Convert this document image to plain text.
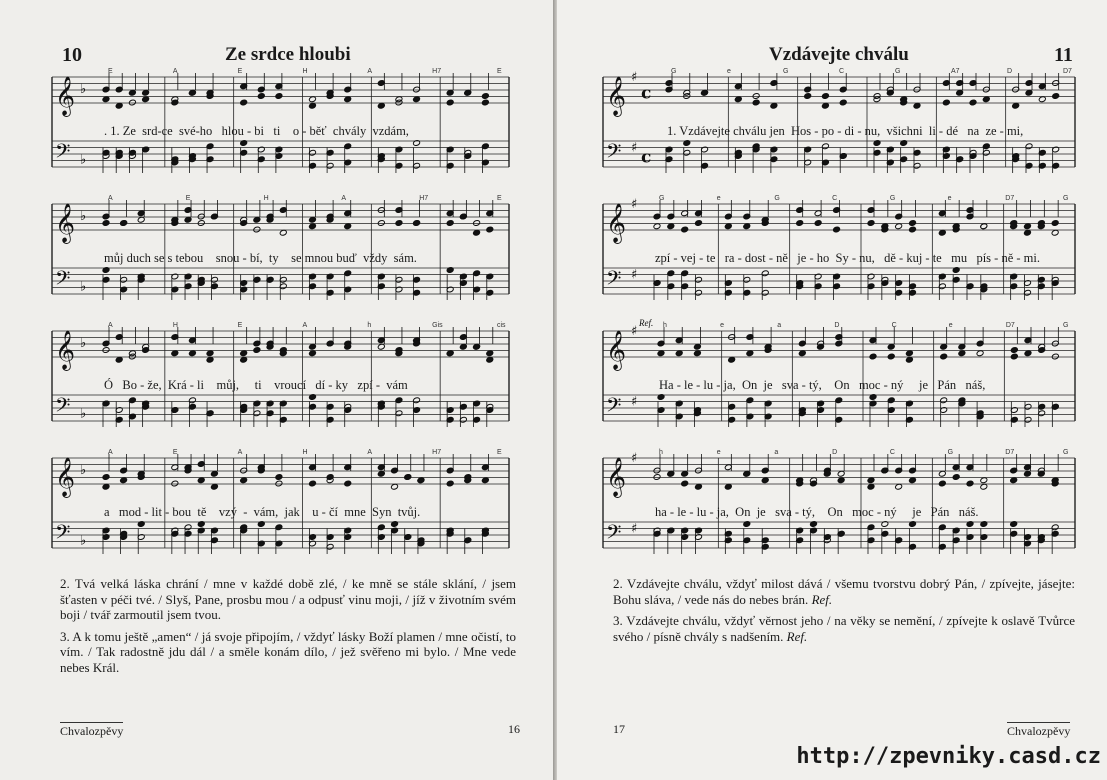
10	Ze srdce hloubi
𝄞
𝄢
♭
♭
E	A	E	H	A	H7	E
. 1. Ze  srd-ce  své-ho   hlou - bi   ti    o - běť  chvály  vzdám,
𝄞
𝄢
♭
♭
A	E	H	A	H7	E
můj duch se s tebou    snou - bí,  ty    se mnou buď  vždy  sám.
𝄞
𝄢
♭
♭
A	H	E	A	h	Gis	cis
Ó   Bo - že,  Krá - li    můj,     ti    vroucí   dí - ky   zpí -  vám
𝄞
𝄢
♭
♭
A	E	A	H	A	H7	E
a   mod - lit - bou  tě    vzý  -  vám,  jak    u - čí  mne  Syn  tvůj.

2. Tvá velká láska chrání / mne v každé době zlé, / ke mně se stále sklání, / jsem šťasten v péči tvé. / Slyš, Pane, prosbu mou / a odpusť vinu moji, / jíž v životním svém boji / tvář zarmoutil jsem tvou.

3. A k tomu ještě „amen“ / já svoje připojím, / vždyť lásky Boží plamen / mne očistí, to vím. / Tak radostně jdu dál / a směle konám dílo, / jež svěřeno mi bylo. / Mne vede nebes Král.

Chvalozpěvy	16
Vzdávejte chválu	11
𝄞
𝄢
♯
♯
c
c
G	e	G	C	G	A7	D	D7
1. Vzdávejte chválu jen  Hos - po - di - nu,  všichni  li - dé   na  ze - mi,
𝄞
𝄢
♯
♯
G	e	G	C	G	e	D7	G
zpí - vej - te   ra - dost - ně   je - ho  Sy - nu,   dě - kuj - te   mu   pís - ně - mi.
𝄞
𝄢
♯
♯
Ref. h	e	a	D	C	e	D7	G
Ha - le - lu - ja,  On  je   sva - tý,    On   moc - ný     je   Pán   náš,
𝄞
𝄢
♯
♯
h	e	a	D	C	G	D7	G
ha - le - lu - ja,  On  je   sva - tý,    On   moc - ný     je   Pán   náš.

2. Vzdávejte chválu, vždyť milost dává / všemu tvorstvu dobrý Pán, / zpívejte, jásejte: Bohu sláva, / vede nás do nebes brán. Ref.

3. Vzdávejte chválu, vždyť věrnost jeho / na věky se nemění, / zpívejte k oslavě Tvůrce svého / písně chvály s nadšením. Ref.

17	Chvalozpěvy
http://zpevniky.casd.cz
